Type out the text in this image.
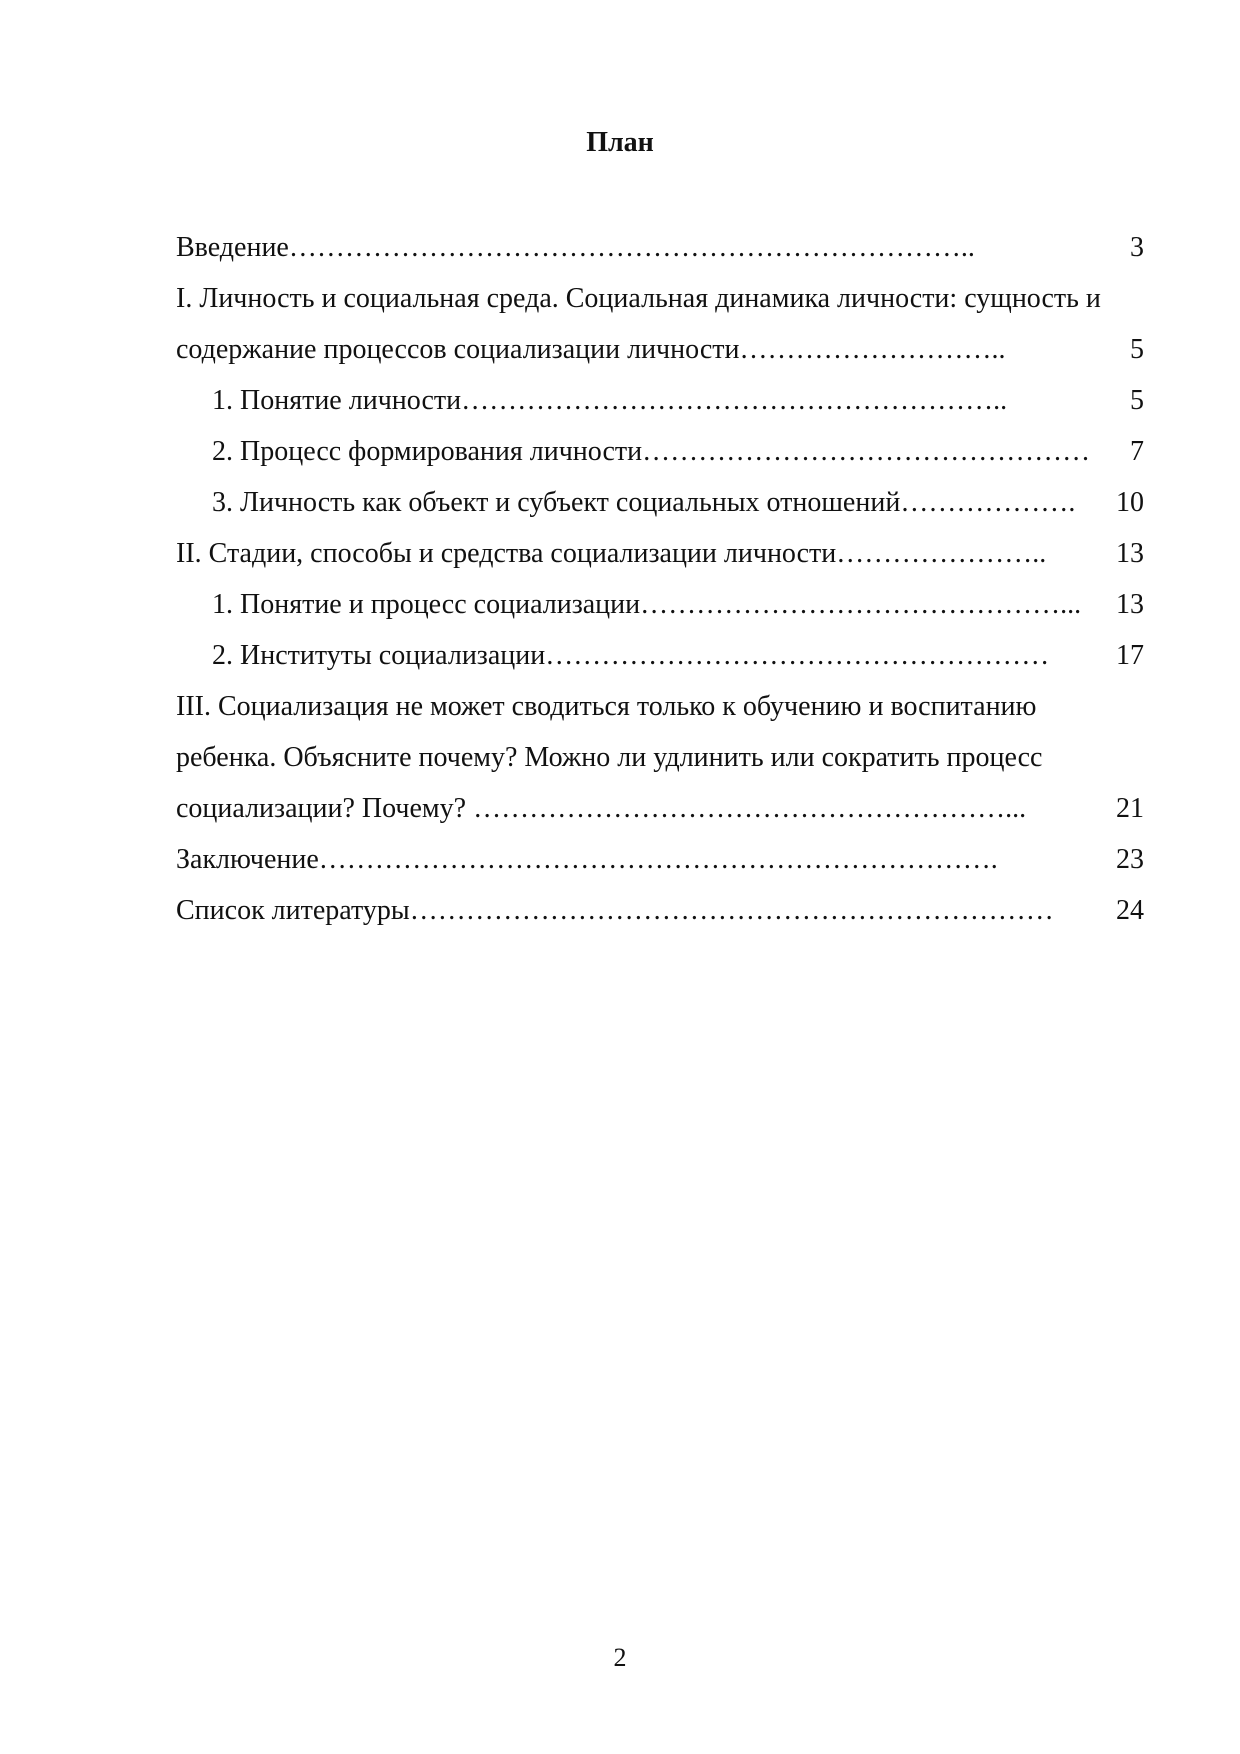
План
Введение ………………………………………………………………..	3
I. Личность и социальная среда. Социальная динамика личности: сущность и
содержание процессов социализации личности ………………………..	5
1. Понятие личности …………………………………………………..	5
2. Процесс формирования личности …………………………………………	7
3. Личность как объект и субъект социальных отношений ……………….	10
II. Стадии, способы и средства социализации личности …………………..	13
1. Понятие и процесс социализации ………………………………………...	13
2. Институты социализации ………………………………………………	17
III. Социализация не может сводиться только к обучению и воспитанию
ребенка. Объясните почему? Можно ли удлинить или сократить процесс
социализации? Почему? …………………………………………………...	21
Заключение ……………………………………………………………….	23
Список литературы ……………………………………………………………	24
2
